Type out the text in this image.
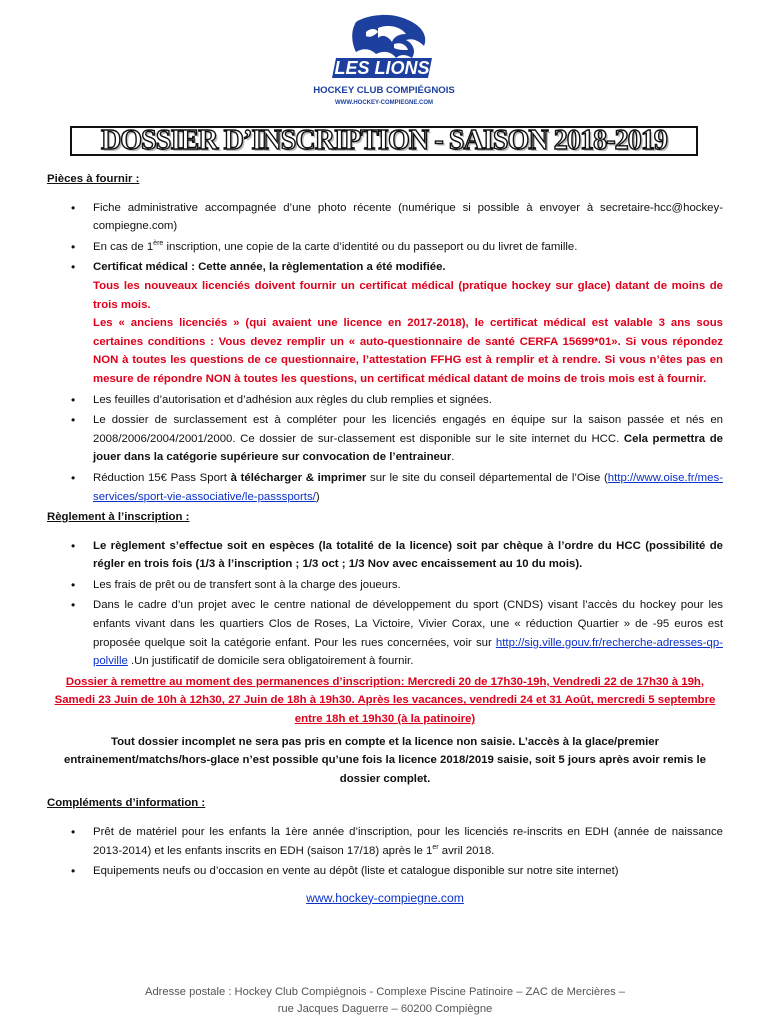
LES LIONS
HOCKEY CLUB COMPIÉGNOIS
WWW.HOCKEY-COMPIEGNE.COM
DOSSIER D’INSCRIPTION - SAISON 2018-2019

Pièces à fournir :

• Fiche administrative accompagnée d’une photo récente (numérique si possible à envoyer à secretaire-hcc@hockey-compiegne.com)
• En cas de 1ère inscription, une copie de la carte d’identité ou du passeport ou du livret de famille.
• Certificat médical : Cette année, la règlementation a été modifiée.
Tous les nouveaux licenciés doivent fournir un certificat médical (pratique hockey sur glace) datant de moins de trois mois.
Les « anciens licenciés » (qui avaient une licence en 2017-2018), le certificat médical est valable 3 ans sous certaines conditions : Vous devez remplir un « auto-questionnaire de santé CERFA 15699*01». Si vous répondez NON à toutes les questions de ce questionnaire, l’attestation FFHG est à remplir et à rendre. Si vous n’êtes pas en mesure de répondre NON à toutes les questions, un certificat médical datant de moins de trois mois est à fournir.
• Les feuilles d’autorisation et d’adhésion aux règles du club remplies et signées.
• Le dossier de surclassement est à compléter pour les licenciés engagés en équipe sur la saison passée et nés en 2008/2006/2004/2001/2000. Ce dossier de sur-classement est disponible sur le site internet du HCC. Cela permettra de jouer dans la catégorie supérieure sur convocation de l’entraineur.
• Réduction 15€ Pass Sport à télécharger & imprimer sur le site du conseil départemental de l’Oise (http://www.oise.fr/mes-services/sport-vie-associative/le-passsports/)

Règlement à l’inscription :

• Le règlement s’effectue soit en espèces (la totalité de la licence) soit par chèque à l’ordre du HCC (possibilité de régler en trois fois (1/3 à l’inscription ; 1/3 oct ; 1/3 Nov avec encaissement au 10 du mois).
• Les frais de prêt ou de transfert sont à la charge des joueurs.
• Dans le cadre d’un projet avec le centre national de développement du sport (CNDS) visant l’accès du hockey pour les enfants vivant dans les quartiers Clos de Roses, La Victoire, Vivier Corax, une « réduction Quartier » de -95 euros est proposée quelque soit la catégorie enfant. Pour les rues concernées, voir sur http://sig.ville.gouv.fr/recherche-adresses-qp-polville .Un justificatif de domicile sera obligatoirement à fournir.

Dossier à remettre au moment des permanences d’inscription: Mercredi 20 de 17h30-19h, Vendredi 22 de 17h30 à 19h, Samedi 23 Juin de 10h à 12h30, 27 Juin de 18h à 19h30. Après les vacances, vendredi 24 et 31 Août, mercredi 5 septembre entre 18h et 19h30 (à la patinoire)

Tout dossier incomplet ne sera pas pris en compte et la licence non saisie. L’accès à la glace/premier entrainement/matchs/hors-glace n’est possible qu’une fois la licence 2018/2019 saisie, soit 5 jours après avoir remis le dossier complet.

Compléments d’information :

• Prêt de matériel pour les enfants la 1ère année d’inscription, pour les licenciés re-inscrits en EDH (année de naissance 2013-2014) et les enfants inscrits en EDH (saison 17/18) après le 1er avril 2018.
• Equipements neufs ou d’occasion en vente au dépôt (liste et catalogue disponible sur notre site internet)
www.hockey-compiegne.com
Adresse postale : Hockey Club Compiégnois - Complexe Piscine Patinoire – ZAC de Mercières –
rue Jacques Daguerre – 60200 Compiègne
